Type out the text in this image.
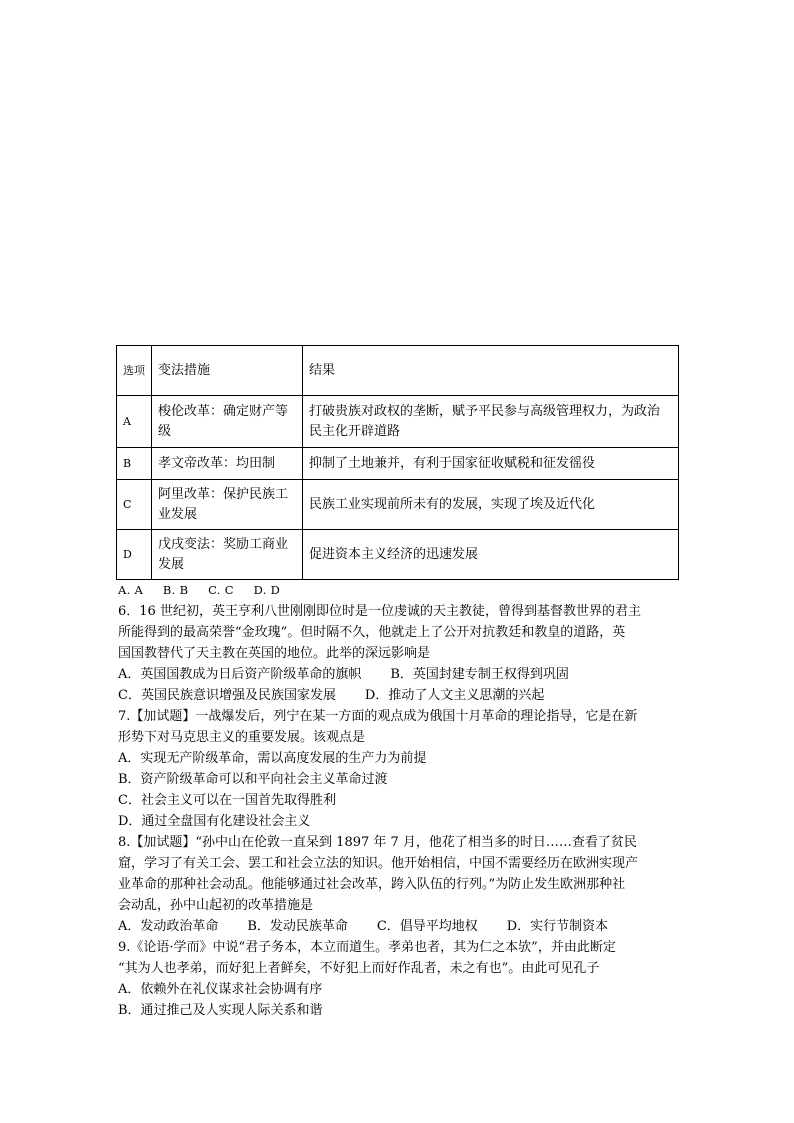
选项	变法措施	结果
A	梭伦改革：确定财产等级	打破贵族对政权的垄断，赋予平民参与高级管理权力，为政治民主化开辟道路
B	孝文帝改革：均田制	抑制了土地兼并，有利于国家征收赋税和征发徭役
C	阿里改革：保护民族工业发展	民族工业实现前所未有的发展，实现了埃及近代化
D	戊戌变法：奖励工商业发展	促进资本主义经济的迅速发展
A. A B. B C. C D. D
6．16 世纪初，英王亨利八世刚刚即位时是一位虔诚的天主教徒，曾得到基督教世界的君主
所能得到的最高荣誉“金玫瑰”。但时隔不久，他就走上了公开对抗教廷和教皇的道路，英
国国教替代了天主教在英国的地位。此举的深远影响是
A．英国国教成为日后资产阶级革命的旗帜 B．英国封建专制王权得到巩固
C．英国民族意识增强及民族国家发展 D．推动了人文主义思潮的兴起
7.【加试题】一战爆发后，列宁在某一方面的观点成为俄国十月革命的理论指导，它是在新
形势下对马克思主义的重要发展。该观点是
A．实现无产阶级革命，需以高度发展的生产力为前提
B．资产阶级革命可以和平向社会主义革命过渡
C．社会主义可以在一国首先取得胜利
D．通过全盘国有化建设社会主义
8.【加试题】“孙中山在伦敦一直呆到 1897 年 7 月，他花了相当多的时日……查看了贫民
窟，学习了有关工会、罢工和社会立法的知识。他开始相信，中国不需要经历在欧洲实现产
业革命的那种社会动乱。他能够通过社会改革，跨入队伍的行列。”为防止发生欧洲那种社
会动乱，孙中山起初的改革措施是
A．发动政治革命 B．发动民族革命 C．倡导平均地权 D．实行节制资本
9.《论语·学而》中说“君子务本，本立而道生。孝弟也者，其为仁之本欤”，并由此断定
“其为人也孝弟，而好犯上者鲜矣，不好犯上而好作乱者，未之有也”。由此可见孔子
A．依赖外在礼仪谋求社会协调有序
B．通过推己及人实现人际关系和谐
